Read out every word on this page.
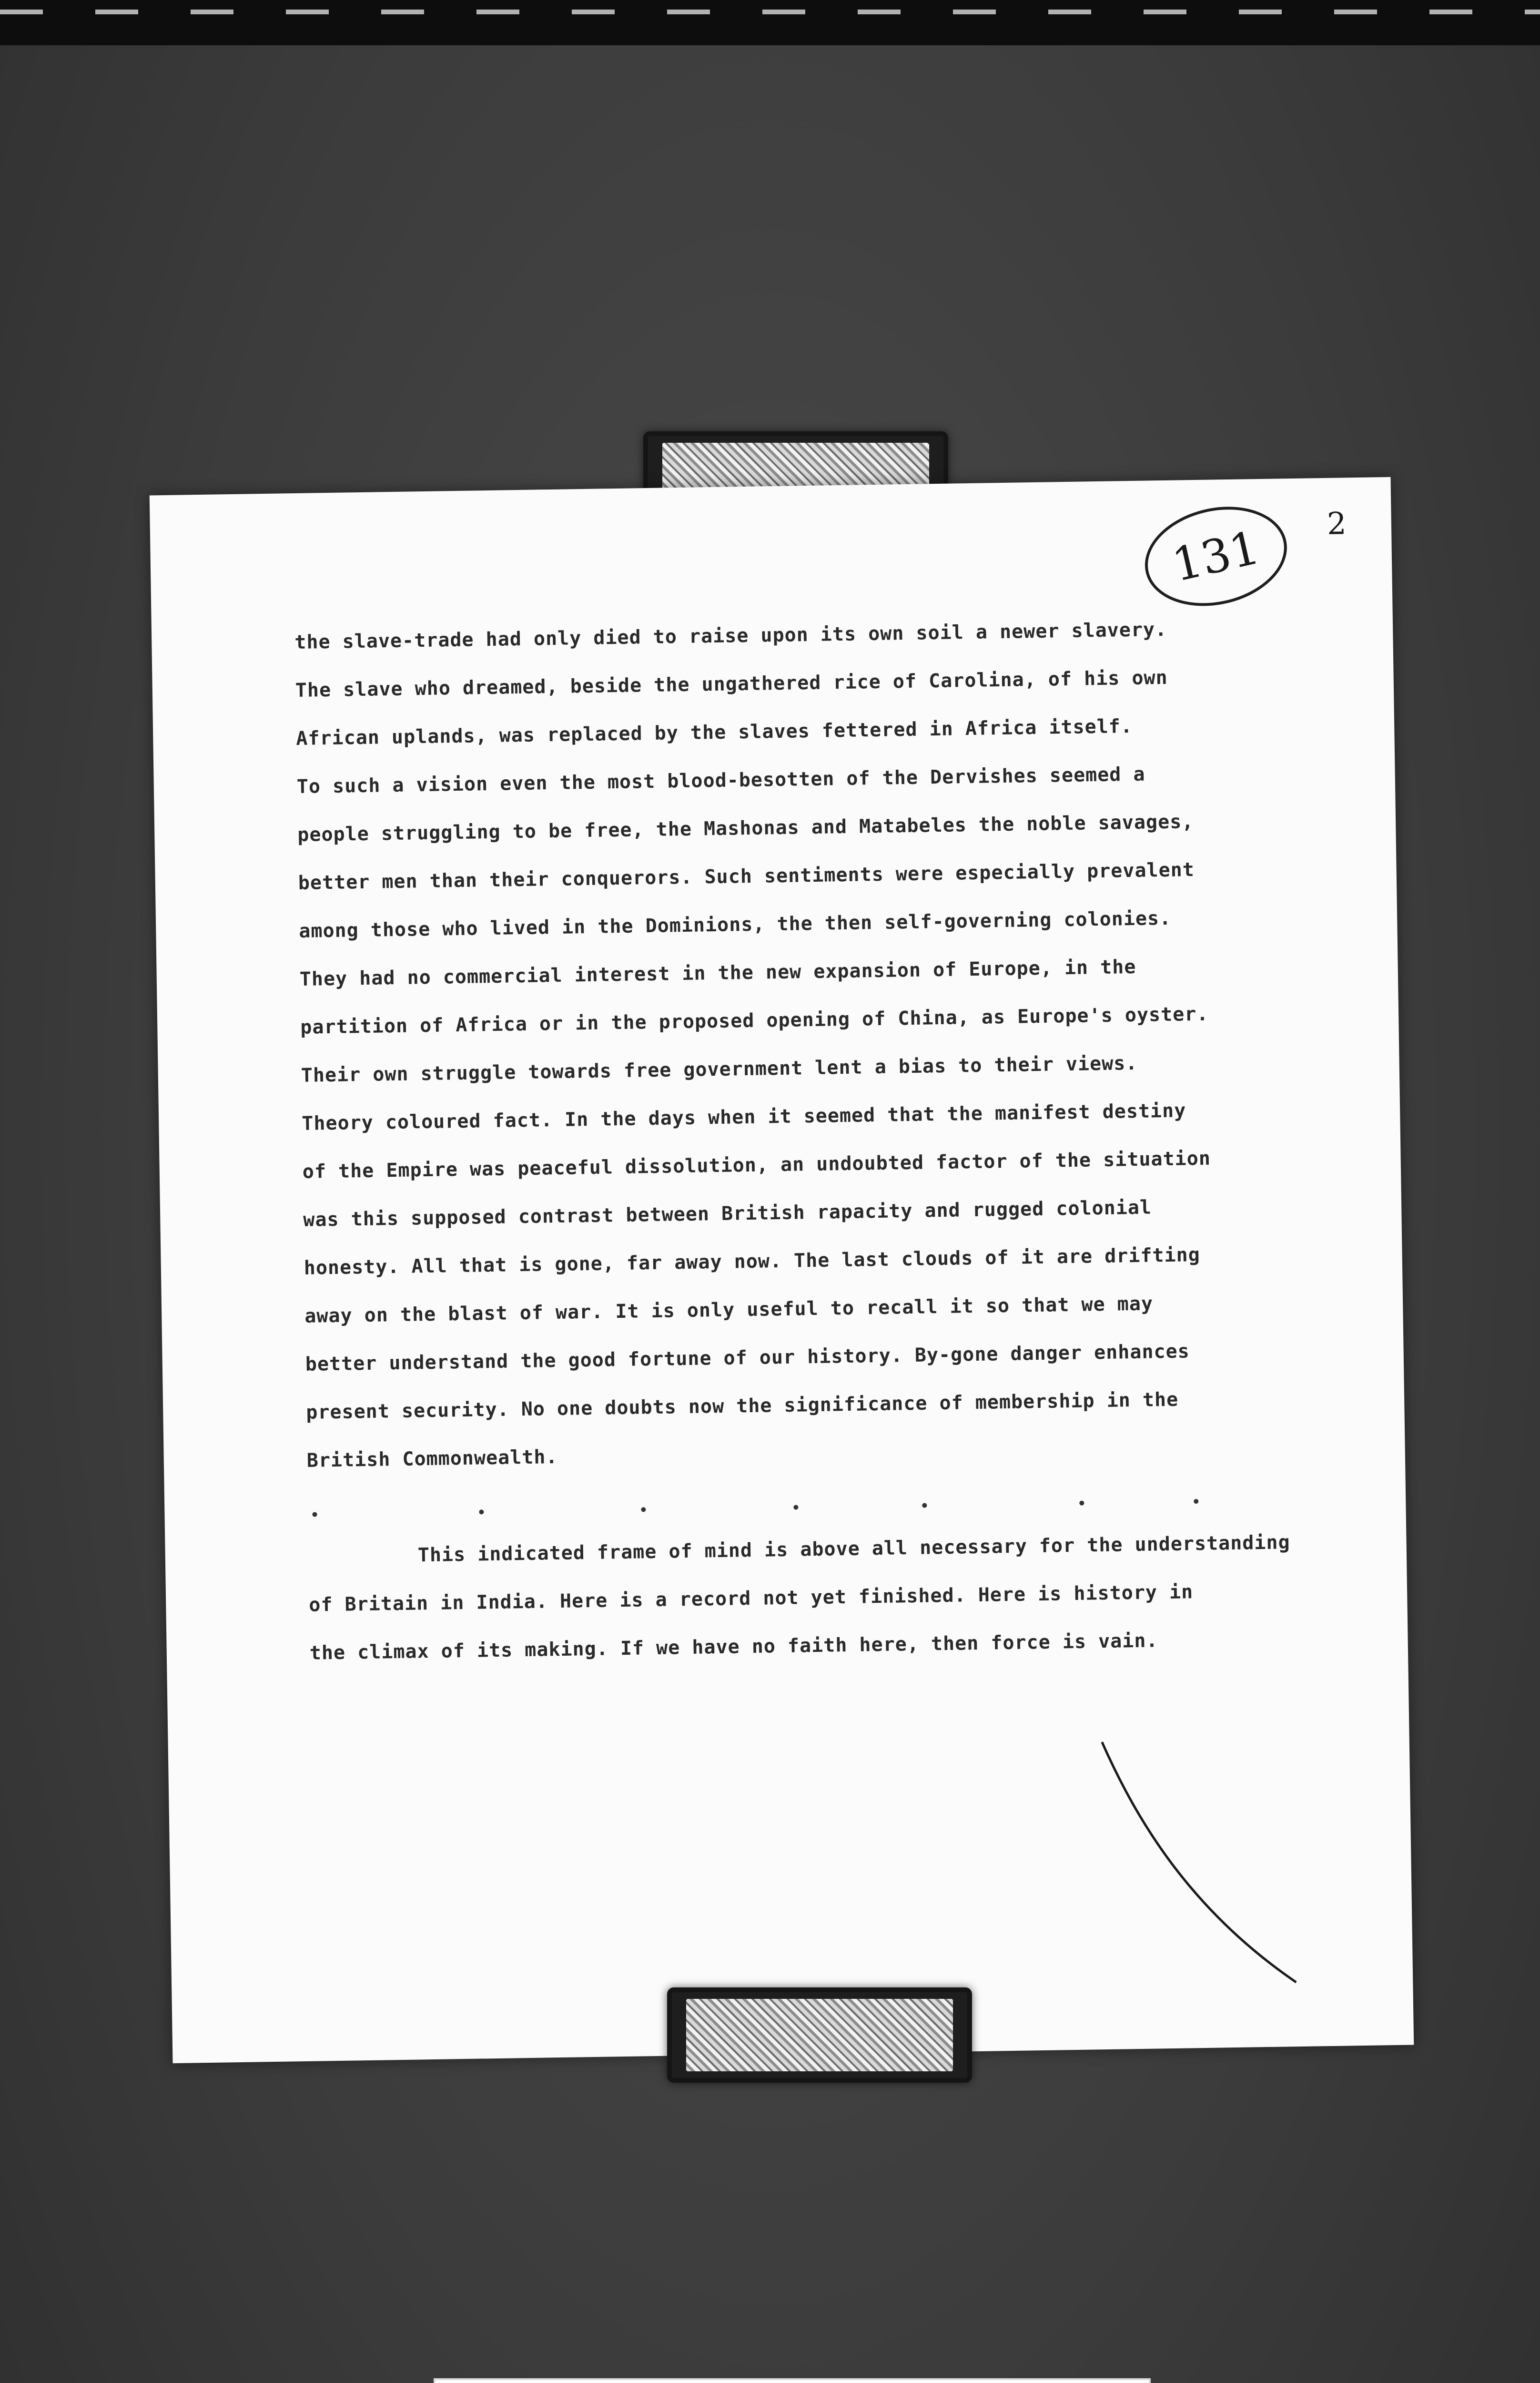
131 2
the slave-trade had only died to raise upon its own soil a newer slavery.
The slave who dreamed, beside the ungathered rice of Carolina, of his own
African uplands, was replaced by the slaves fettered in Africa itself.
To such a vision even the most blood-besotten of the Dervishes seemed a
people struggling to be free, the Mashonas and Matabeles the noble savages,
better men than their conquerors. Such sentiments were especially prevalent
among those who lived in the Dominions, the then self-governing colonies.
They had no commercial interest in the new expansion of Europe, in the
partition of Africa or in the proposed opening of China, as Europe's oyster.
Their own struggle towards free government lent a bias to their views.
Theory coloured fact. In the days when it seemed that the manifest destiny
of the Empire was peaceful dissolution, an undoubted factor of the situation
was this supposed contrast between British rapacity and rugged colonial
honesty. All that is gone, far away now. The last clouds of it are drifting
away on the blast of war. It is only useful to recall it so that we may
better understand the good fortune of our history. By-gone danger enhances
present security. No one doubts now the significance of membership in the
British Commonwealth.
This indicated frame of mind is above all necessary for the understanding
of Britain in India. Here is a record not yet finished. Here is history in
the climax of its making. If we have no faith here, then force is vain.
